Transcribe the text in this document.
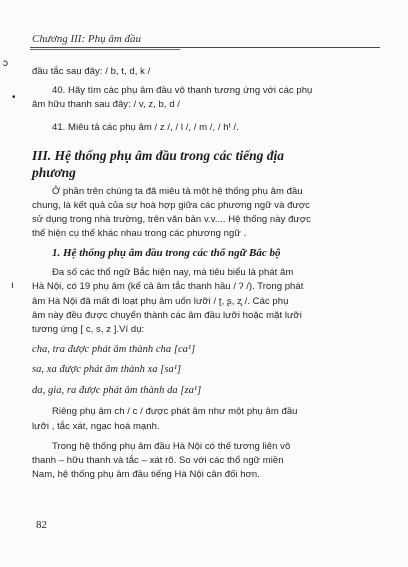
Chương III: Phụ âm đầu

ↄ
•
ı

đầu tắc sau đây: / b, t, d, k /

40. Hãy tìm các phụ âm đầu vô thanh tương ứng với các phụ

âm hữu thanh sau đây: / v, z, b, d /

41. Miêu tả các phụ âm / z /, / l /, / m /, / hᵗ /.

III. Hệ thống phụ âm đầu trong các tiếng địa

phương

Ở phần trên chúng ta đã miêu tả một hệ thống phụ âm đầu

chung, là kết quả của sự hoà hợp giữa các phương ngữ và được

sử dụng trong nhà trường, trên văn bản v.v.... Hệ thống này được

thể hiện cụ thể khác nhau trong các phương ngữ .

1. Hệ thống phụ âm đầu trong các thổ ngữ Bắc bộ

Đa số các thổ ngữ Bắc hiện nay, mà tiêu biểu là phát âm

Hà Nội, có 19 phụ âm (kể cả âm tắc thanh hầu / ʔ /). Trong phát

âm Hà Nội đã mất đi loạt phụ âm uốn lưỡi / ʈ, ʂ, ʐ /. Các phụ

âm này đều được chuyển thành các âm đầu lưỡi hoặc mặt lưỡi

tương ứng [ c, s, z ].Ví dụ:

cha, tra được phát âm thành cha [ca¹]

sa, xa được phát âm thành xa [sa¹]

da, gia, ra được phát âm thành da [za¹]

Riêng phụ âm ch / c / được phát âm như một phụ âm đầu

lưỡi , tắc xát, ngạc hoá mạnh.

Trong hệ thống phụ âm đầu Hà Nội có thế tương liên vô

thanh – hữu thanh và tắc – xát rõ. So với các thổ ngữ miền

Nam, hệ thống phụ âm đầu tiếng Hà Nội cân đối hơn.

82
